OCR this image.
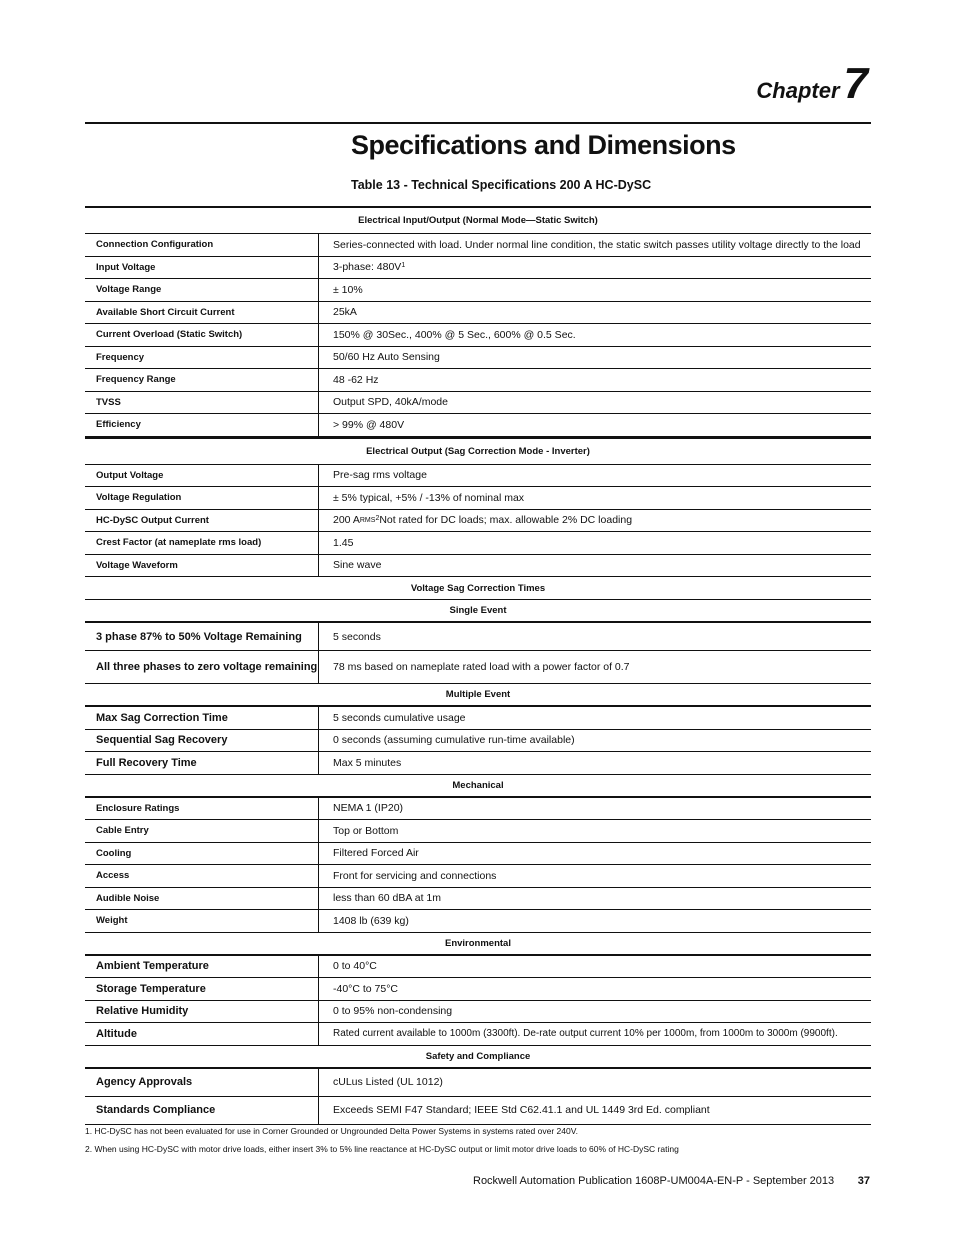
Chapter 7
Specifications and Dimensions
Table 13 - Technical Specifications 200 A HC-DySC
Electrical Input/Output (Normal Mode—Static Switch)
Connection Configuration	Series-connected with load. Under normal line condition, the static switch passes utility voltage directly to the load
Input Voltage	3-phase: $480V^1$
Voltage Range	± 10%
Available Short Circuit Current	25kA
Current Overload (Static Switch)	150% @ 30Sec., 400% @ 5 Sec., 600% @ 0.5 Sec.
Frequency	50/60 Hz Auto Sensing
Frequency Range	48 -62 Hz
TVSS	Output SPD, 40kA/mode
Efficiency	> 99% @ 480V
Electrical Output (Sag Correction Mode - Inverter)
Output Voltage	Pre-sag rms voltage
Voltage Regulation	± 5% typical, +5% / -13% of nominal max
HC-DySC Output Current	200 A RMS$^2$ Not rated for DC loads; max. allowable 2% DC loading
Crest Factor (at nameplate rms load)	1.45
Voltage Waveform	Sine wave
Voltage Sag Correction Times
Single Event
3 phase 87% to 50% Voltage Remaining	5 seconds
All three phases to zero voltage remaining	78 ms based on nameplate rated load with a power factor of 0.7
Multiple Event
Max Sag Correction Time	5 seconds cumulative usage
Sequential Sag Recovery	0 seconds (assuming cumulative run-time available)
Full Recovery Time	Max 5 minutes
Mechanical
Enclosure Ratings	NEMA 1 (IP20)
Cable Entry	Top or Bottom
Cooling	Filtered Forced Air
Access	Front for servicing and connections
Audible Noise	less than 60 dBA at 1m
Weight	1408 lb (639 kg)
Environmental
Ambient Temperature	0 to 40°C
Storage Temperature	-40°C to 75°C
Relative Humidity	0 to 95% non-condensing
Altitude	Rated current available to 1000m (3300ft). De-rate output current 10% per 1000m, from 1000m to 3000m (9900ft).
Safety and Compliance
Agency Approvals	cULus Listed (UL 1012)
Standards Compliance	Exceeds SEMI F47 Standard; IEEE Std C62.41.1 and UL 1449 3rd Ed. compliant
1. HC-DySC has not been evaluated for use in Corner Grounded or Ungrounded Delta Power Systems in systems rated over 240V.
2. When using HC-DySC with motor drive loads, either insert 3% to 5% line reactance at HC-DySC output or limit motor drive loads to 60% of HC-DySC rating
Rockwell Automation Publication 1608P-UM004A-EN-P - September 2013 37
